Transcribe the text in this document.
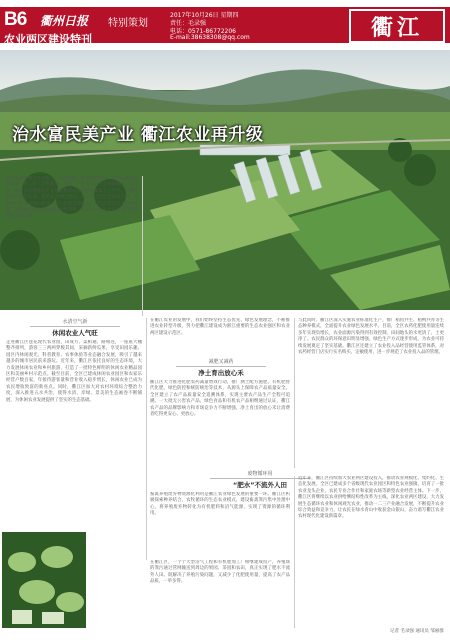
B6 衢州日报 特别策划
农业两区建设特刊
2017年10月26日 星期四
责任：毛录强
电话：0571-86772206
E-mail:38638308@qq.com	衢江
治水富民美产业 衢江农业再升级
秋日的衢州衢江区田野上，瓜果飘香、稻穗压弯金黄。青翠的湖泊澄澈明亮，路人路上采集蔬菜，构成了一幅动人的生态田园图画。近年来，衢江区以整体化平安建设和现代农业园区建设为主平台，积极发展生态循环农业，推进农业两区建设，着力打造特色优质农产品，加快现代化农业建设步伐。全力构建全域覆盖、全程监管的农业治理体系，加快推进农业供给侧结构性改革，走出了一条治水富民美产业的特色发展之路。
水清空气新
休闲农业人气旺
走进衢江区莲花现代农业园，田成方、渠相通、路相连，一座座大棚整齐排列，游客三三两两穿梭其间，采摘新鲜瓜果，享受田园乐趣。园区内休闲观光、科普教育、农事体验等业态融合发展，吸引了越来越多的城市居民前来游玩。近年来，衢江区依托良好的生态环境，大力发展休闲农业和乡村旅游，打造了一批特色鲜明的休闲农业精品园区和美丽乡村示范点。截至目前，全区已建成休闲农业园区和农家乐经营户数百家，年接待游客量和营业收入稳步增长，休闲农业已成为农民增收致富的新亮点。同时，衢江区加大对农村环境综合整治力度，深入推进五水共治，使得水清、岸绿、景美的生态画卷不断铺展，为休闲农业发展提供了坚实的生态基础。
在衢江农业的发展中，我们始终坚持生态优先、绿色发展理念，不断推进农业转型升级，努力把衢江建设成为浙江重要的生态农业强区和农业两区建设示范区。
减肥又减药
净土育出放心禾
衢江区大力推进化肥农药减量增效行动，推广测土配方施肥、有机肥替代化肥、绿色防控和统防统治等技术，从源头上保障农产品质量安全。全区建立了农产品质量安全追溯体系，实现主要农产品生产全程可追溯。一大批无公害农产品、绿色食品和有机农产品相继通过认证，衢江农产品的品牌影响力和市场竞争力不断增强，净土育出的放心禾让消费者吃得更安心、更放心。
与此同时，衢江区深入实施农业标准化生产，推广稻鱼共生、稻鸭共育等生态种养模式，全面提升农业绿色发展水平。目前，全区农药化肥使用量连续多年实现负增长，农业面源污染得到有效控制，田间地头的水更清了、土更净了。农民群众的环保意识明显增强，绿色生产方式逐步形成，为农业可持续发展奠定了坚实基础。衢江区还建立了农业投入品经营使用监管体系，对农药经营门店实行实名购买、定额使用，进一步规范了农业投入品的管理。
废物循环用
“肥水”不流外人田
畜禽养殖废弃物资源化利用是衢江农业绿色发展的重要一环。衢江区积极探索种养结合、农牧循环的生态农业模式，建设畜禽粪污集中处理中心，将养殖废弃物转化为有机肥料和沼气能源，实现了资源的循环利用。
在衢江区，一个个大型沼气工程和有机肥加工厂相继建成投产，养殖场的粪污通过管网输送到周边的果园、茶园和农田，真正实现了肥水不流外人田。既解决了养殖污染问题，又减少了化肥使用量，提高了农产品品质，一举多得。
近年来，衢江区持续加大农业两区建设投入，推动农业规模化、集约化、生态化发展。全区已建成多个省级现代农业园区和特色农业强镇，培育了一批农业龙头企业、农民专业合作社和家庭农场等新型农业经营主体。下一步，衢江区将继续以农业供给侧结构性改革为主线，深化农业两区建设，大力发展生态循环农业和休闲观光农业，推动一二三产业融合发展，不断提升农业综合效益和竞争力，让农民在绿水青山中收获金山银山，奋力谱写衢江农业农村现代化建设新篇章。
记者 毛录强 通讯员 邹丽群
